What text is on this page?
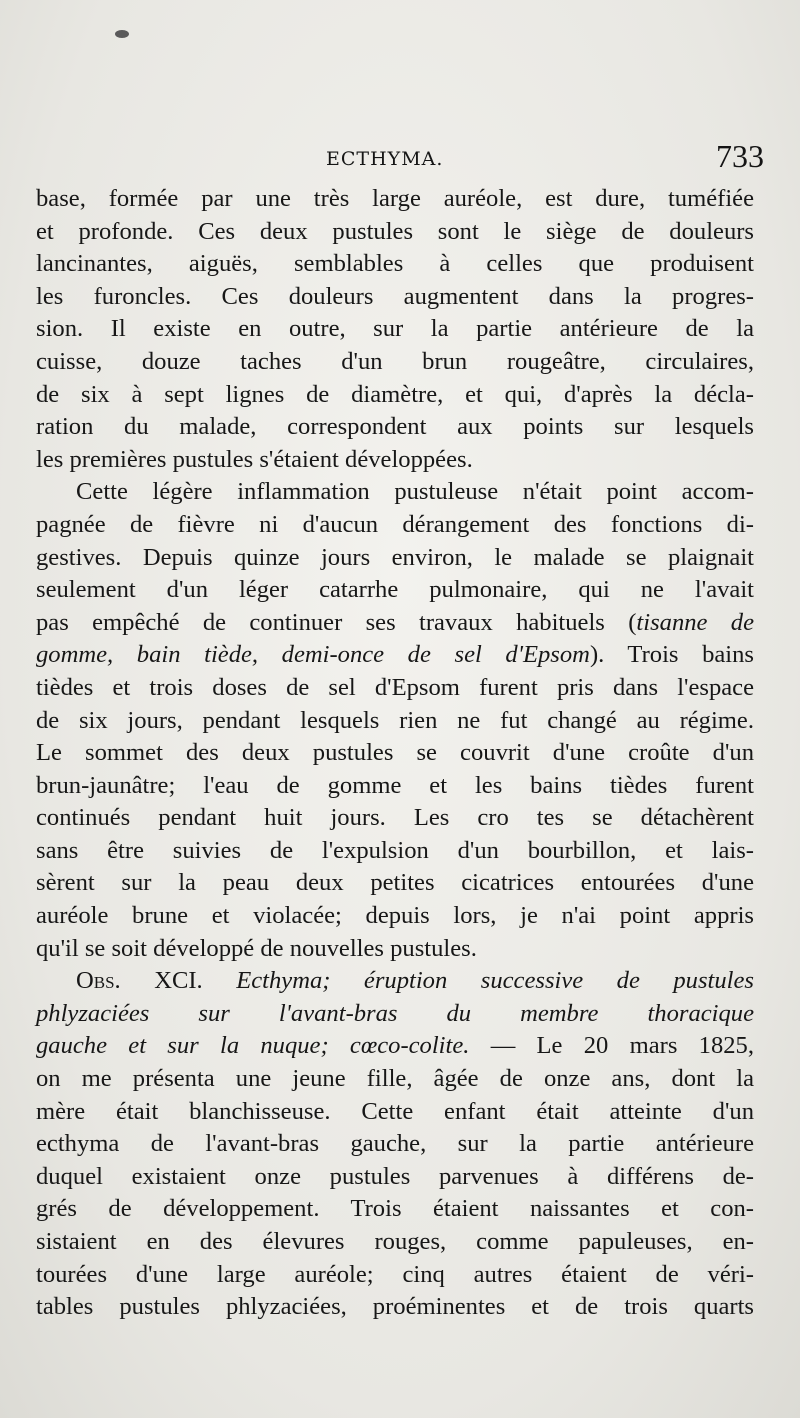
ECTHYMA.	733

base, formée par une très large auréole, est dure, tuméfiée
et profonde. Ces deux pustules sont le siège de douleurs
lancinantes, aiguës, semblables à celles que produisent
les furoncles. Ces douleurs augmentent dans la progres-
sion. Il existe en outre, sur la partie antérieure de la
cuisse, douze taches d'un brun rougeâtre, circulaires,
de six à sept lignes de diamètre, et qui, d'après la décla-
ration du malade, correspondent aux points sur lesquels
les premières pustules s'étaient développées.

Cette légère inflammation pustuleuse n'était point accom-
pagnée de fièvre ni d'aucun dérangement des fonctions di-
gestives. Depuis quinze jours environ, le malade se plaignait
seulement d'un léger catarrhe pulmonaire, qui ne l'avait
pas empêché de continuer ses travaux habituels (tisanne de
gomme, bain tiède, demi-once de sel d'Epsom). Trois bains
tièdes et trois doses de sel d'Epsom furent pris dans l'espace
de six jours, pendant lesquels rien ne fut changé au régime.
Le sommet des deux pustules se couvrit d'une croûte d'un
brun-jaunâtre; l'eau de gomme et les bains tièdes furent
continués pendant huit jours. Les cro tes se détachèrent
sans être suivies de l'expulsion d'un bourbillon, et lais-
sèrent sur la peau deux petites cicatrices entourées d'une
auréole brune et violacée; depuis lors, je n'ai point appris
qu'il se soit développé de nouvelles pustules.

Obs. XCI. Ecthyma; éruption successive de pustules
phlyzaciées sur l'avant-bras du membre thoracique
gauche et sur la nuque; cœco-colite. — Le 20 mars 1825,
on me présenta une jeune fille, âgée de onze ans, dont la
mère était blanchisseuse. Cette enfant était atteinte d'un
ecthyma de l'avant-bras gauche, sur la partie antérieure
duquel existaient onze pustules parvenues à différens de-
grés de développement. Trois étaient naissantes et con-
sistaient en des élevures rouges, comme papuleuses, en-
tourées d'une large auréole; cinq autres étaient de véri-
tables pustules phlyzaciées, proéminentes et de trois quarts
